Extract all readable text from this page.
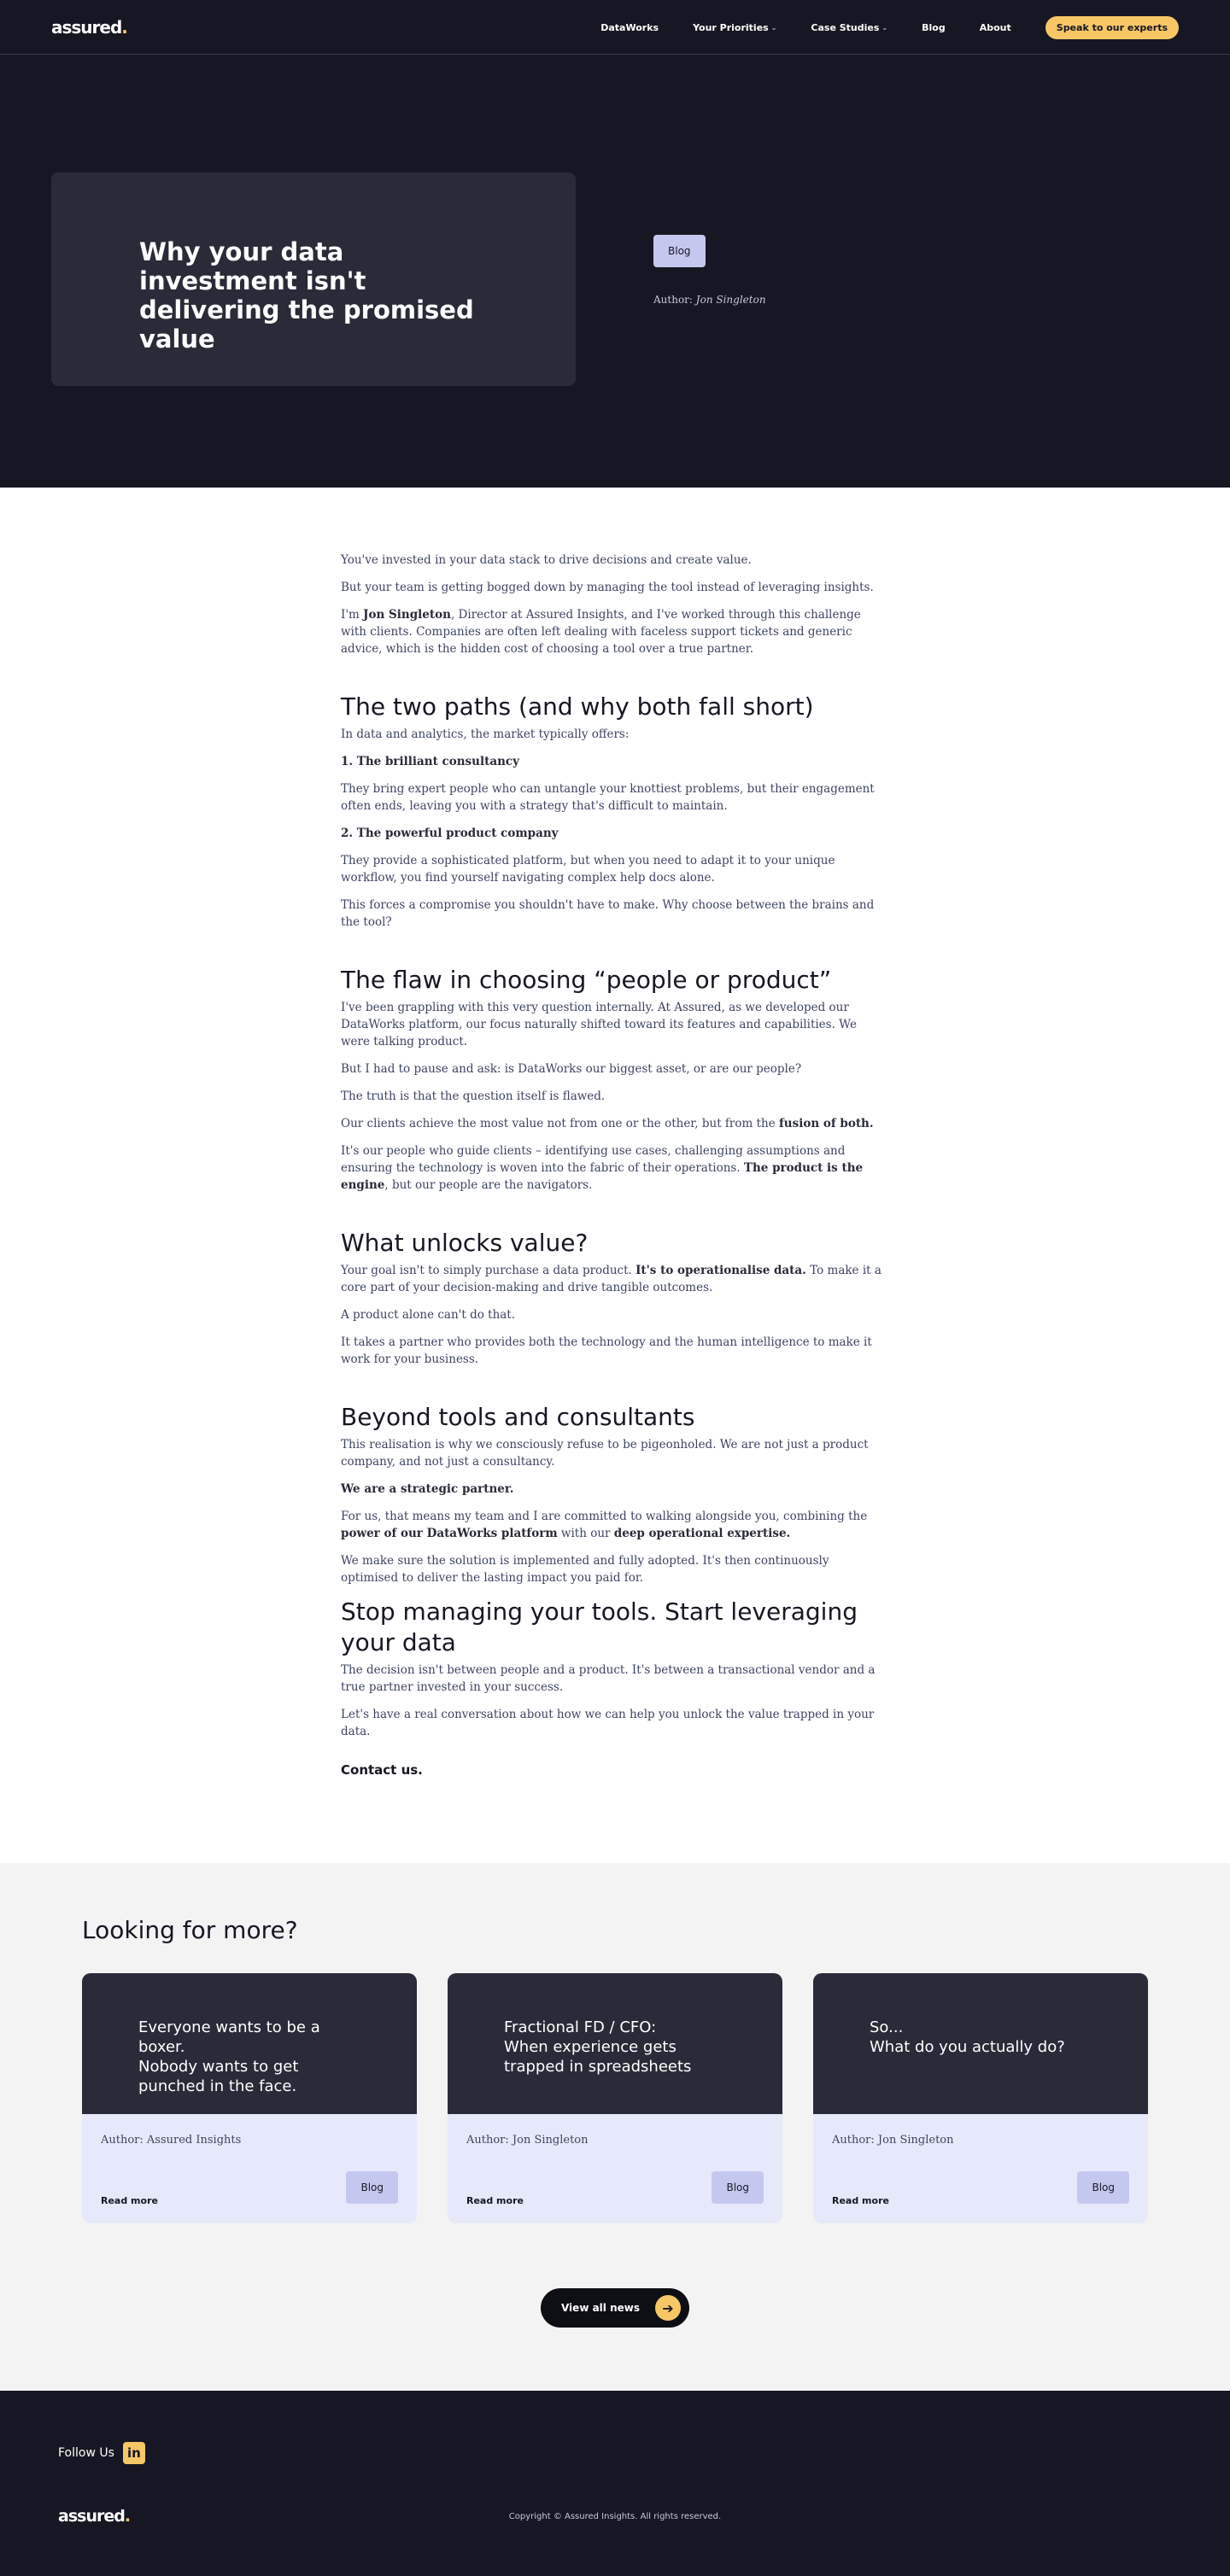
assured.	DataWorks	Your Priorities ⌄	Case Studies ⌄	Blog	About	Speak to our experts
Why your data investment isn't delivering the promised value
Blog
Author: Jon Singleton

You've invested in your data stack to drive decisions and create value.

But your team is getting bogged down by managing the tool instead of leveraging insights.

I'm Jon Singleton, Director at Assured Insights, and I've worked through this challenge with clients. Companies are often left dealing with faceless support tickets and generic advice, which is the hidden cost of choosing a tool over a true partner.

The two paths (and why both fall short)

In data and analytics, the market typically offers:

1. The brilliant consultancy

They bring expert people who can untangle your knottiest problems, but their engagement often ends, leaving you with a strategy that's difficult to maintain.

2. The powerful product company

They provide a sophisticated platform, but when you need to adapt it to your unique workflow, you find yourself navigating complex help docs alone.

This forces a compromise you shouldn't have to make. Why choose between the brains and the tool?

The flaw in choosing “people or product”

I've been grappling with this very question internally. At Assured, as we developed our DataWorks platform, our focus naturally shifted toward its features and capabilities. We were talking product.

But I had to pause and ask: is DataWorks our biggest asset, or are our people?

The truth is that the question itself is flawed.

Our clients achieve the most value not from one or the other, but from the fusion of both.

It's our people who guide clients – identifying use cases, challenging assumptions and ensuring the technology is woven into the fabric of their operations. The product is the engine, but our people are the navigators.

What unlocks value?

Your goal isn't to simply purchase a data product. It's to operationalise data. To make it a core part of your decision-making and drive tangible outcomes.

A product alone can't do that.

It takes a partner who provides both the technology and the human intelligence to make it work for your business.

Beyond tools and consultants

This realisation is why we consciously refuse to be pigeonholed. We are not just a product company, and not just a consultancy.

We are a strategic partner.

For us, that means my team and I are committed to walking alongside you, combining the power of our DataWorks platform with our deep operational expertise.

We make sure the solution is implemented and fully adopted. It's then continuously optimised to deliver the lasting impact you paid for.

Stop managing your tools. Start leveraging your data

The decision isn't between people and a product. It's between a transactional vendor and a true partner invested in your success.

Let's have a real conversation about how we can help you unlock the value trapped in your data.

Contact us.
Looking for more?
Everyone wants to be a boxer.
Nobody wants to get punched in the face.
Author: Assured Insights
Read more
Blog
Fractional FD / CFO:
When experience gets trapped in spreadsheets
Author: Jon Singleton
Read more
Blog
So...
What do you actually do?
Author: Jon Singleton
Read more
Blog
View all news	➔
Follow Us	in
assured.	Copyright © Assured Insights. All rights reserved.
